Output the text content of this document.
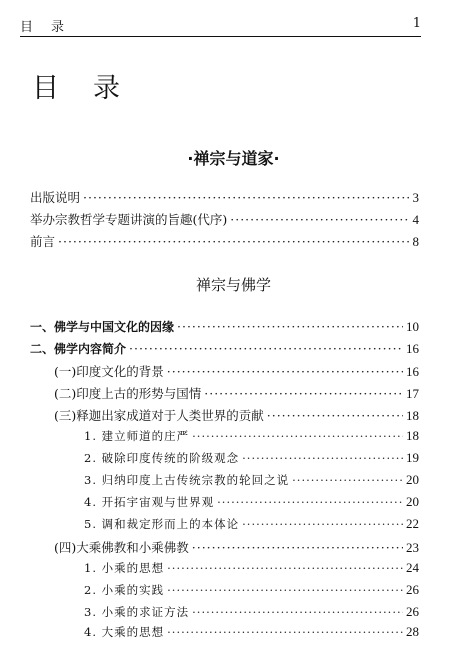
目 录	1
目 录
·禅宗与道家·
出版说明 ·····	3
举办宗教哲学专题讲演的旨趣(代序) ·····	4
前言 ·····	8
禅宗与佛学
一、佛学与中国文化的因缘 ·····	10
二、佛学内容简介 ·····	16
(一)印度文化的背景 ·····	16
(二)印度上古的形势与国情 ·····	17
(三)释迦出家成道对于人类世界的贡献 ·····	18
1. 建立师道的庄严 ·····	18
2. 破除印度传统的阶级观念 ·····	19
3. 归纳印度上古传统宗教的轮回之说 ·····	20
4. 开拓宇宙观与世界观 ·····	20
5. 调和裁定形而上的本体论 ·····	22
(四)大乘佛教和小乘佛教 ·····	23
1. 小乘的思想 ·····	24
2. 小乘的实践 ·····	26
3. 小乘的求证方法 ·····	26
4. 大乘的思想 ·····	28
